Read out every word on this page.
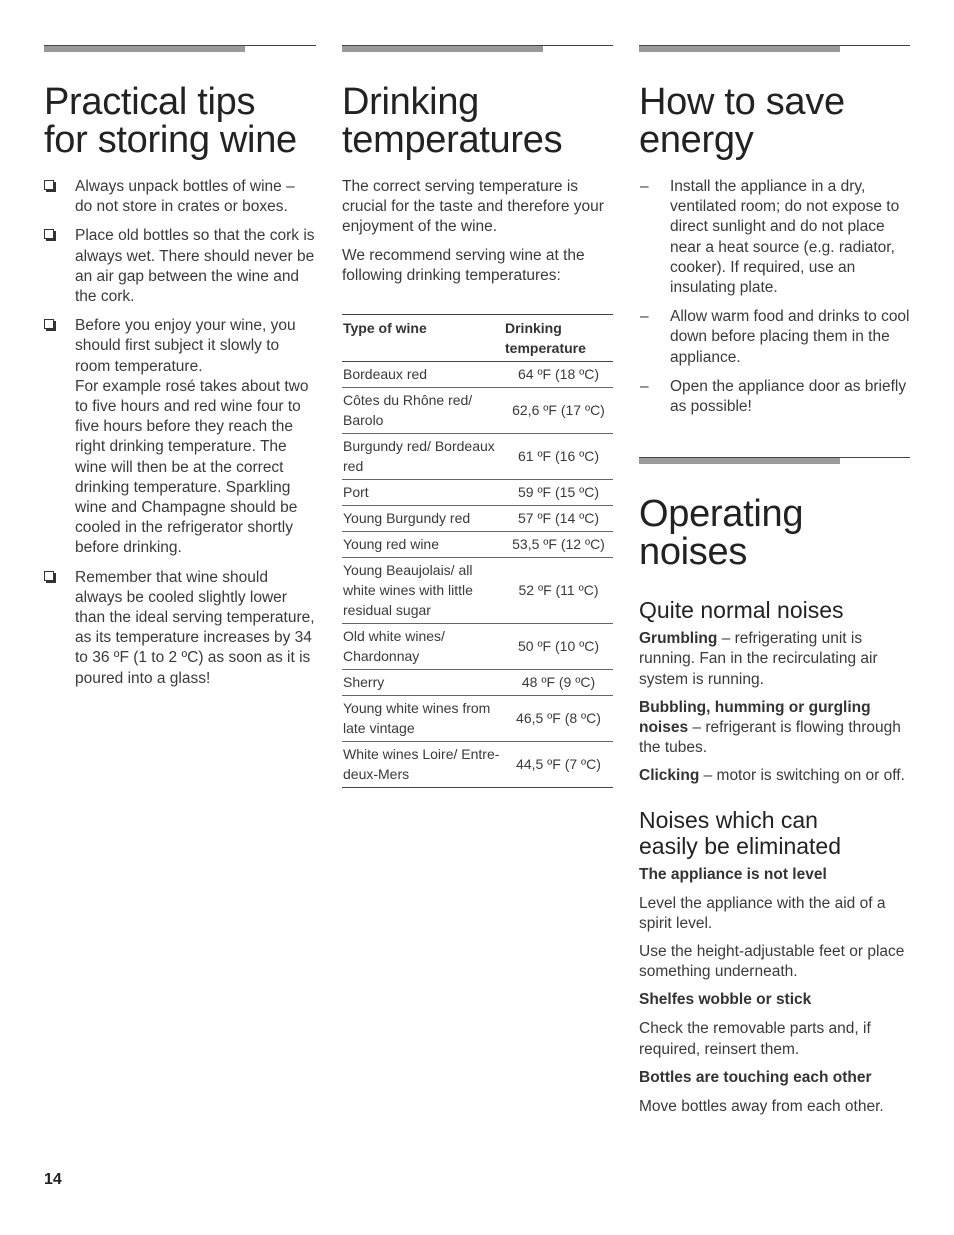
Practical tips
for storing wine
Always unpack bottles of wine – do not store in crates or boxes.
Place old bottles so that the cork is always wet. There should never be an air gap between the wine and the cork.
Before you enjoy your wine, you should first subject it slowly to room temperature.
For example rosé takes about two to five hours and red wine four to five hours before they reach the right drinking temperature. The wine will then be at the correct drinking temperature. Sparkling wine and Champagne should be cooled in the refrigerator shortly before drinking.
Remember that wine should always be cooled slightly lower than the ideal serving temperature, as its temperature increases by 34 to 36 ºF (1 to 2 ºC) as soon as it is poured into a glass!
Drinking
temperatures

The correct serving temperature is crucial for the taste and therefore your enjoyment of the wine.

We recommend serving wine at the following drinking temperatures:

Type of wine	Drinking
temperature
Bordeaux red	64 ºF (18 ºC)
Côtes du Rhône red/ Barolo	62,6 ºF (17 ºC)
Burgundy red/ Bordeaux red	61 ºF (16 ºC)
Port	59 ºF (15 ºC)
Young Burgundy red	57 ºF (14 ºC)
Young red wine	53,5 ºF (12 ºC)
Young Beaujolais/ all white wines with little residual sugar	52 ºF (11 ºC)
Old white wines/ Chardonnay	50 ºF (10 ºC)
Sherry	48 ºF (9 ºC)
Young white wines from late vintage	46,5 ºF (8 ºC)
White wines Loire/ Entre-deux-Mers	44,5 ºF (7 ºC)
How to save
energy
– Install the appliance in a dry, ventilated room; do not expose to direct sunlight and do not place near a heat source (e.g. radiator, cooker). If required, use an insulating plate.
– Allow warm food and drinks to cool down before placing them in the appliance.
– Open the appliance door as briefly as possible!
Operating
noises
Quite normal noises

Grumbling – refrigerating unit is running. Fan in the recirculating air system is running.

Bubbling, humming or gurgling noises – refrigerant is flowing through the tubes.

Clicking – motor is switching on or off.

Noises which can
easily be eliminated

The appliance is not level

Level the appliance with the aid of a spirit level.

Use the height-adjustable feet or place something underneath.

Shelfes wobble or stick

Check the removable parts and, if required, reinsert them.

Bottles are touching each other

Move bottles away from each other.

14
